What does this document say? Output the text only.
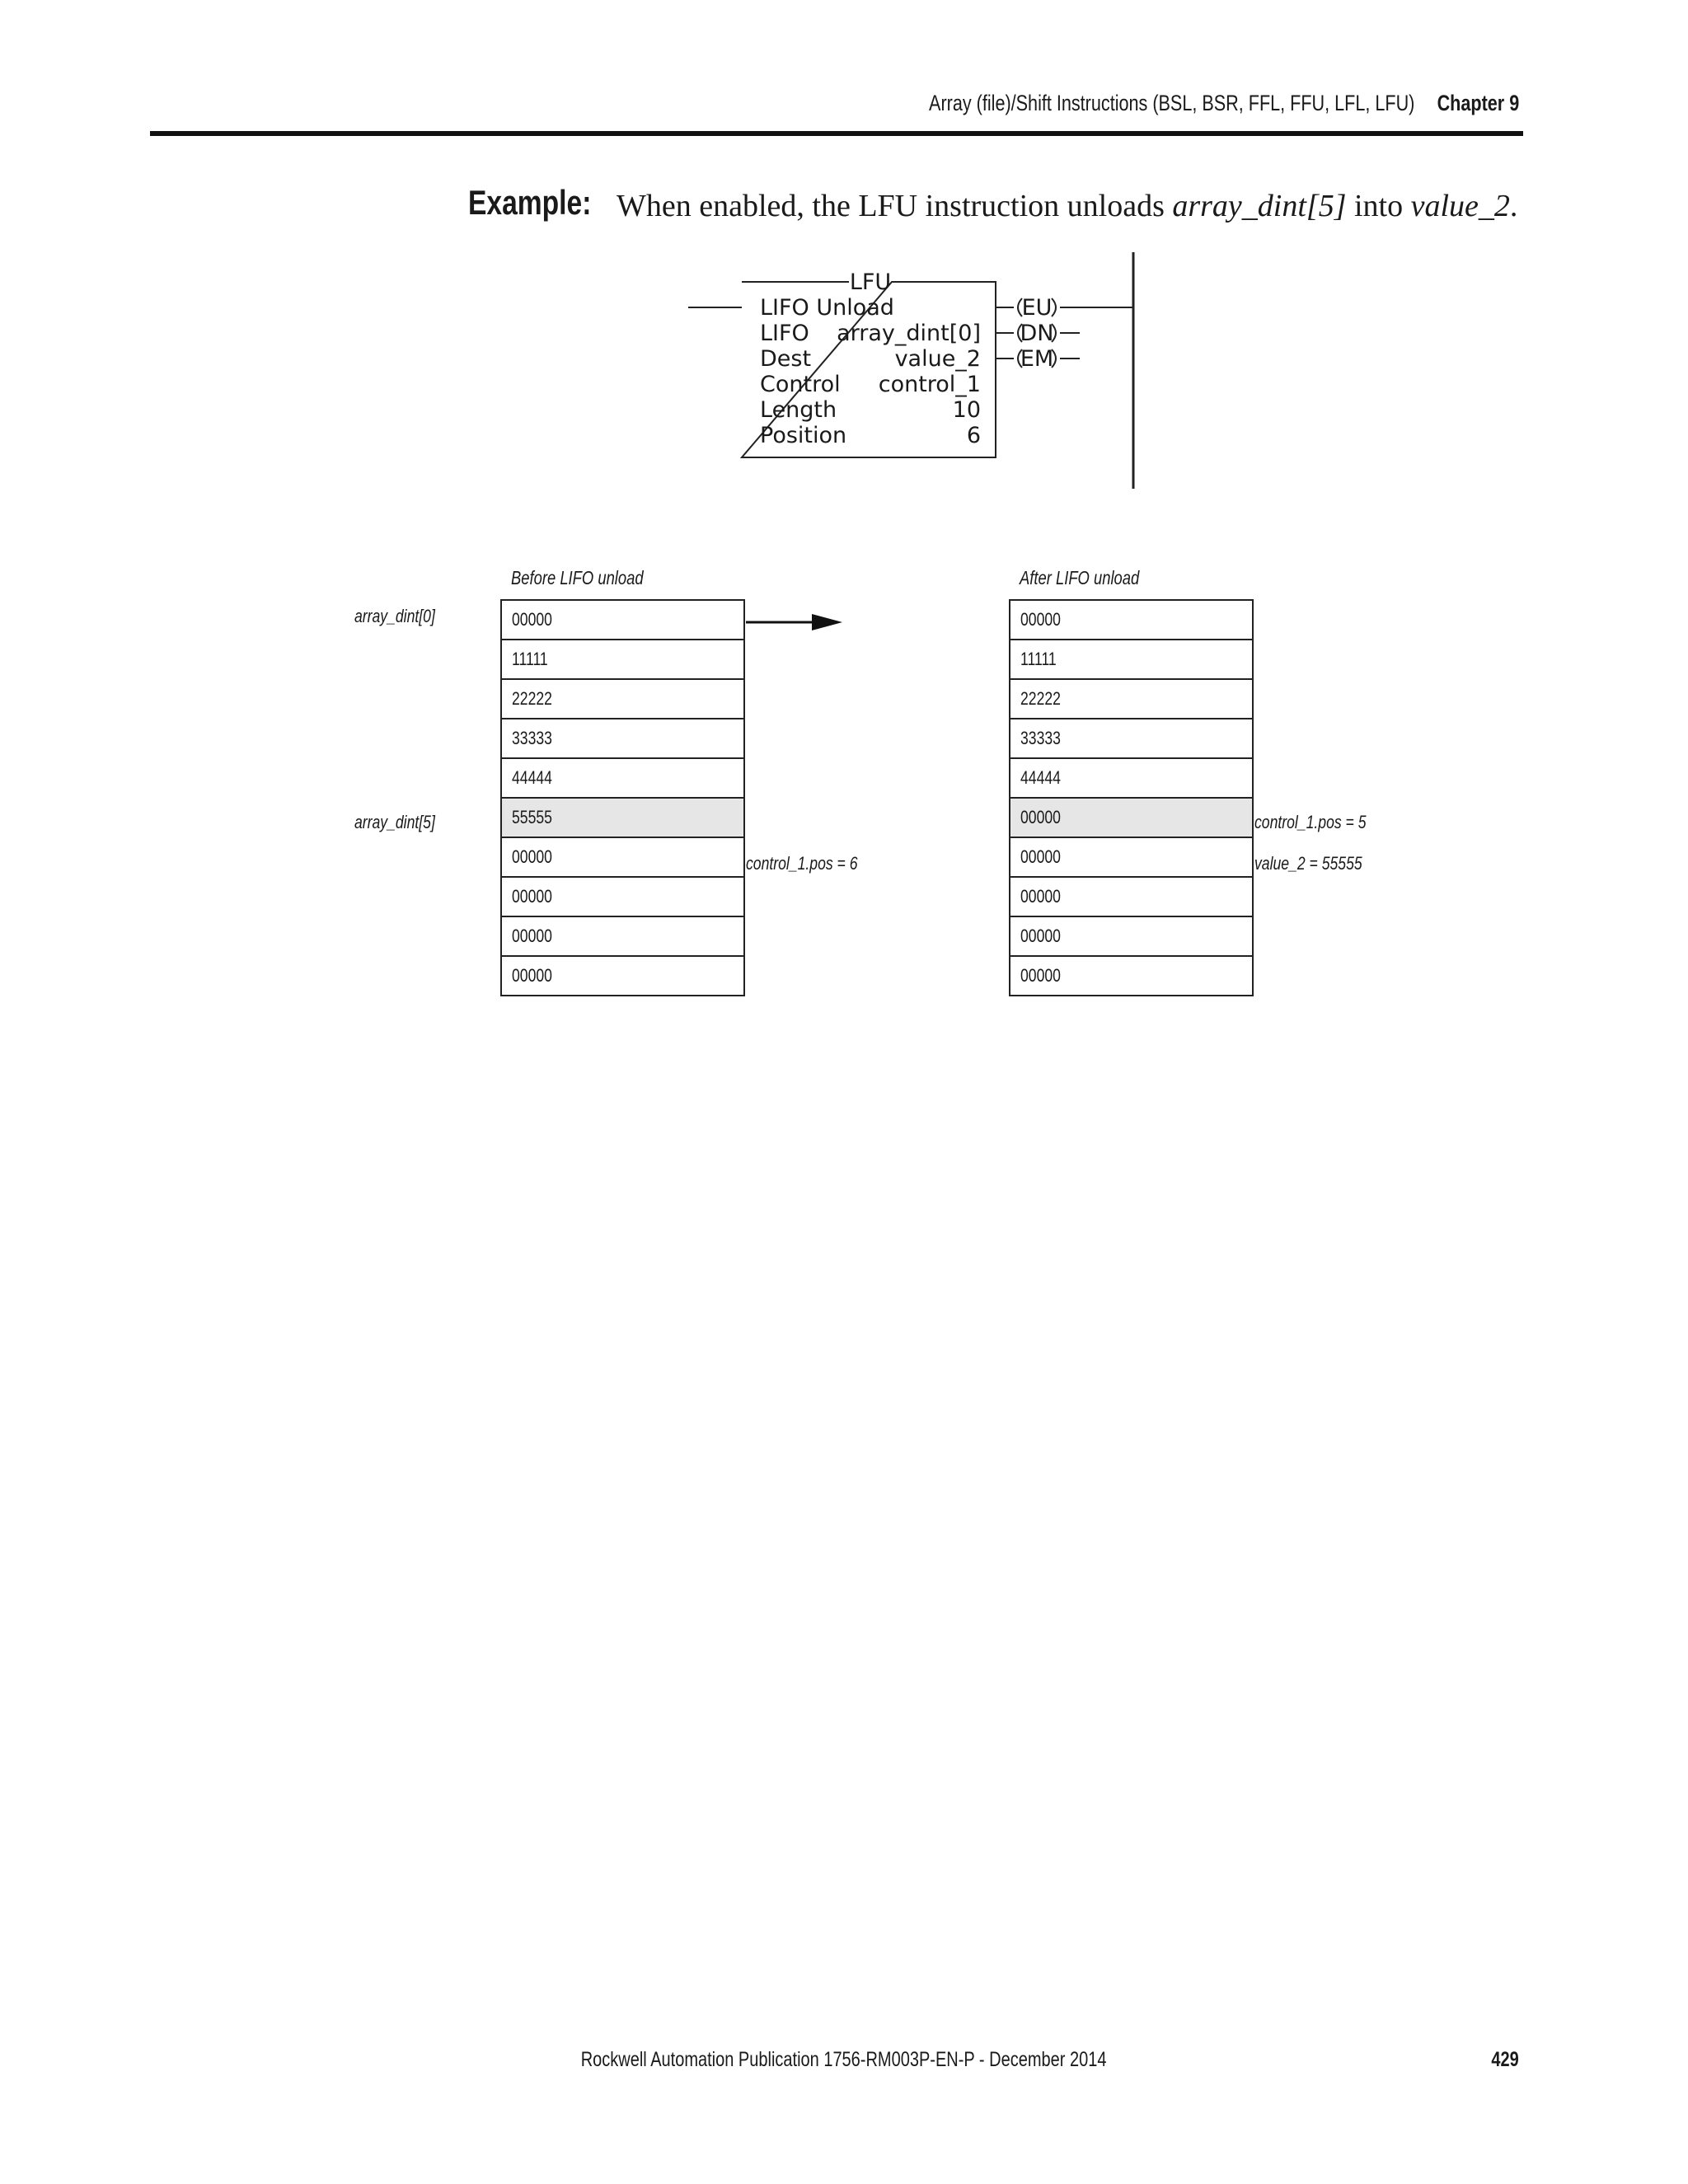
Array (file)/Shift Instructions (BSL, BSR, FFL, FFU, LFL, LFU) Chapter 9
Example: When enabled, the LFU instruction unloads array_dint[5] into value_2.
LFU
LIFO Unload
LIFO array_dint[0]
Dest	value_2
Control control_1
Length	10
Position	6
EU
DN
EM
Before LIFO unload
00000
11111
22222
33333
44444
55555
00000
00000
00000
00000
array_dint[0]
array_dint[5]
control_1.pos = 6
After LIFO unload
00000
11111
22222
33333
44444
00000
00000
00000
00000
00000
control_1.pos = 5
value_2 = 55555
Rockwell Automation Publication 1756-RM003P-EN-P - December 2014	429
